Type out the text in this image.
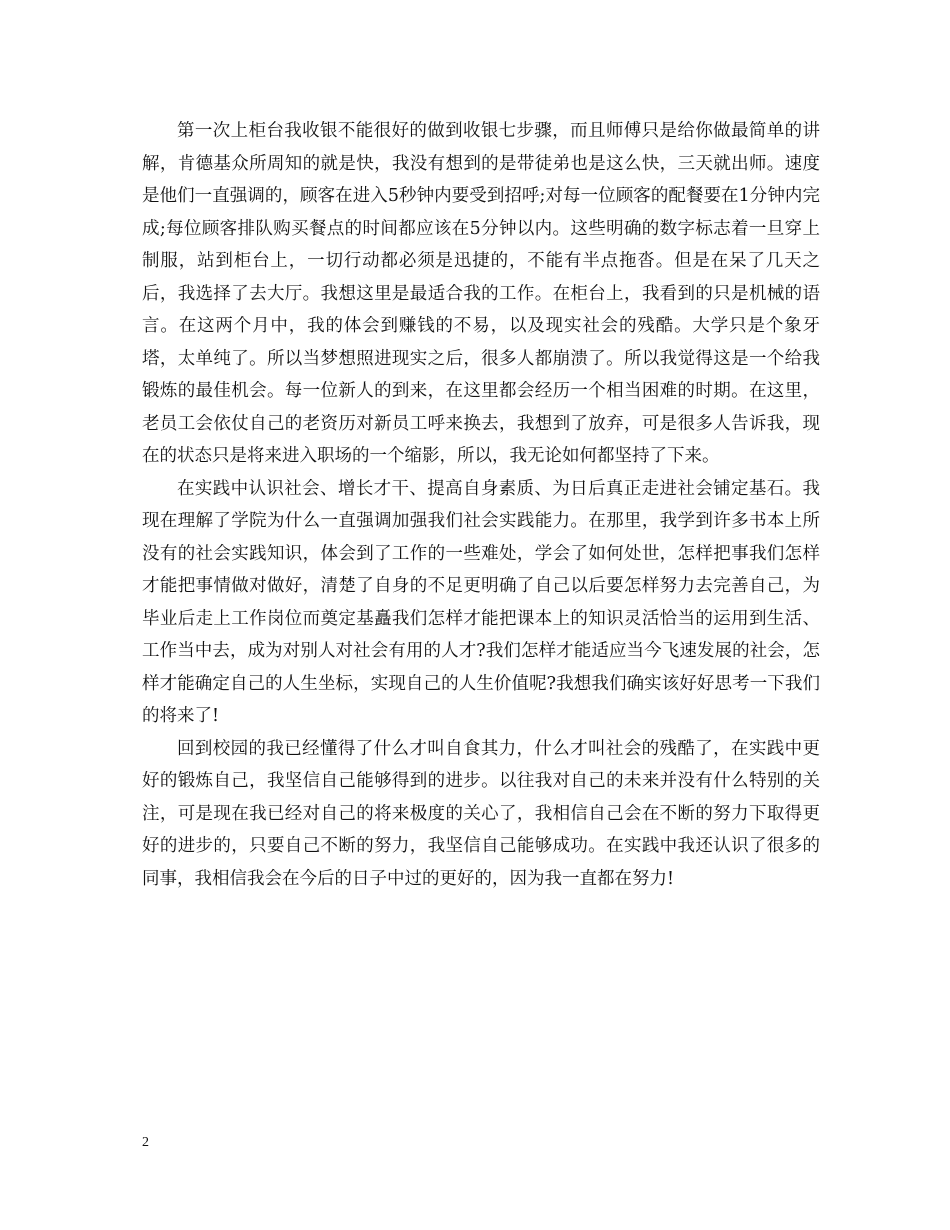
第一次上柜台我收银不能很好的做到收银七步骤，而且师傅只是给你做最简单的讲解，肯德基众所周知的就是快，我没有想到的是带徒弟也是这么快，三天就出师。速度是他们一直强调的，顾客在进入5秒钟内要受到招呼;对每一位顾客的配餐要在1分钟内完成;每位顾客排队购买餐点的时间都应该在5分钟以内。这些明确的数字标志着一旦穿上制服，站到柜台上，一切行动都必须是迅捷的，不能有半点拖沓。但是在呆了几天之后，我选择了去大厅。我想这里是最适合我的工作。在柜台上，我看到的只是机械的语言。在这两个月中，我的体会到赚钱的不易，以及现实社会的残酷。大学只是个象牙塔，太单纯了。所以当梦想照进现实之后，很多人都崩溃了。所以我觉得这是一个给我锻炼的最佳机会。每一位新人的到来，在这里都会经历一个相当困难的时期。在这里，老员工会依仗自己的老资历对新员工呼来换去，我想到了放弃，可是很多人告诉我，现在的状态只是将来进入职场的一个缩影，所以，我无论如何都坚持了下来。

在实践中认识社会、增长才干、提高自身素质、为日后真正走进社会铺定基石。我现在理解了学院为什么一直强调加强我们社会实践能力。在那里，我学到许多书本上所没有的社会实践知识，体会到了工作的一些难处，学会了如何处世，怎样把事我们怎样才能把事情做对做好，清楚了自身的不足更明确了自己以后要怎样努力去完善自己，为毕业后走上工作岗位而奠定基矗我们怎样才能把课本上的知识灵活恰当的运用到生活、工作当中去，成为对别人对社会有用的人才?我们怎样才能适应当今飞速发展的社会，怎样才能确定自己的人生坐标，实现自己的人生价值呢?我想我们确实该好好思考一下我们的将来了!

回到校园的我已经懂得了什么才叫自食其力，什么才叫社会的残酷了，在实践中更好的锻炼自己，我坚信自己能够得到的进步。以往我对自己的未来并没有什么特别的关注，可是现在我已经对自己的将来极度的关心了，我相信自己会在不断的努力下取得更好的进步的，只要自己不断的努力，我坚信自己能够成功。在实践中我还认识了很多的同事，我相信我会在今后的日子中过的更好的，因为我一直都在努力!

2
